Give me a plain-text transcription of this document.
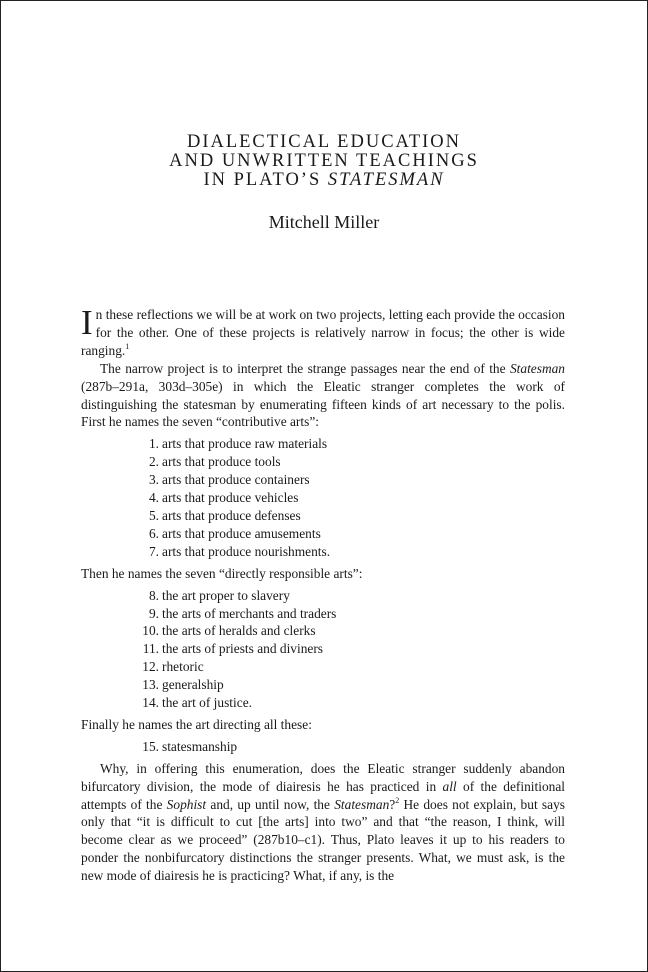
DIALECTICAL EDUCATION
AND UNWRITTEN TEACHINGS
IN PLATO’S STATESMAN
Mitchell Miller

In these reflections we will be at work on two projects, letting each provide the occasion for the other. One of these projects is relatively narrow in focus; the other is wide ranging.$^1$

The narrow project is to interpret the strange passages near the end of the Statesman (287b–291a, 303d–305e) in which the Eleatic stranger completes the work of distinguishing the statesman by enumerating fifteen kinds of art necessary to the polis. First he names the seven “contributive arts”:

1. arts that produce raw materials
2. arts that produce tools
3. arts that produce containers
4. arts that produce vehicles
5. arts that produce defenses
6. arts that produce amusements
7. arts that produce nourishments.

Then he names the seven “directly responsible arts”:

8. the art proper to slavery
9. the arts of merchants and traders
10. the arts of heralds and clerks
11. the arts of priests and diviners
12. rhetoric
13. generalship
14. the art of justice.

Finally he names the art directing all these:

15. statesmanship

Why, in offering this enumeration, does the Eleatic stranger suddenly abandon bifurcatory division, the mode of diairesis he has practiced in all of the definitional attempts of the Sophist and, up until now, the Statesman?$^2$ He does not explain, but says only that “it is difficult to cut [the arts] into two” and that “the reason, I think, will become clear as we proceed” (287b10–c1). Thus, Plato leaves it up to his readers to ponder the nonbifurcatory distinctions the stranger presents. What, we must ask, is the new mode of diairesis he is practicing? What, if any, is the
